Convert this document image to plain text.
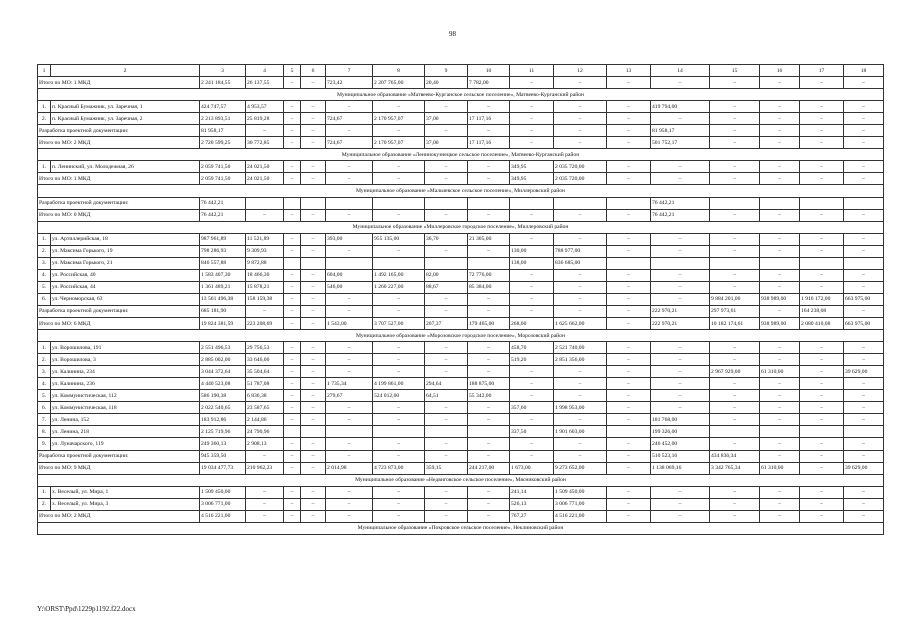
98
1	2	3	4	5	6	7	8	9	10	11	12	13	14	15	16	17	18
Итого по МО: 1 МКД		2 241 184,55	26 137,55	–	–	723,42	2 207 765,00	20,40	7 782,00	–	–	–	–	–	–	–	–
Муниципальное образование «Матвеево-Курганское сельское поселение», Матвеево-Курганский район																	
1.	п. Красный Бумажник, ул. Заречная, 1	424 747,57	4 953,57	–	–	–	–	–	–	–	–	–	419 794,00	–	–	–	–
2.	п. Красный Бумажник, ул. Заречная, 2	2 213 893,51	25 819,28	–	–	724,67	2 170 957,07	37,00	17 117,16	–	–	–	–	–	–	–	–
Разработка проектной документации:		81 958,17	–	–	–	–	–	–	–	–	–	–	81 958,17	–	–	–	–
Итого по МО: 2 МКД		2 720 599,25	30 772,85	–	–	724,67	2 170 957,07	37,00	17 117,16	–	–	–	501 752,17	–	–	–	–
Муниципальное образование «Ленинокузнецкое сельское поселение», Матвеево-Курганский район																	
1.	п. Ленинский, ул. Молодежная, 26	2 059 741,50	24 021,50	–	–	–	–	–	–	349,95	2 035 720,00	–	–	–	–	–	–
Итого по МО: 1 МКД		2 059 741,50	24 021,50	–	–	–	–	–	–	349,95	2 035 720,00	–	–	–	–	–	–
Муниципальное образование «Мальчевское сельское поселение», Миллеровский район																	
Разработка проектной документации:		76 442,21											76 442,21				
Итого по МО: 0 МКД		76 442,21	–	–	–	–	–	–	–	–	–	–	76 442,21	–	–	–	–
Муниципальное образование «Миллеровское городское поселение», Миллеровский район																	
1.	ул. Артиллерийская, 18	987 961,89	11 521,89	–	–	393,00	955 135,00	36,70	21 305,00	–	–	–	–	–	–	–	–
2.	ул. Максима Горького, 19	798 286,93	9 309,93	–	–	–	–	–	–	130,00	788 977,00	–	–	–	–	–	–
3.	ул. Максима Горького, 21	846 557,88	9 872,88							138,00	836 685,00						
4.	ул. Российская, 40	1 583 407,30	18 466,30	–	–	604,00	1 492 165,00	82,00	72 776,00	–	–	–	–	–	–	–	–
5.	ул. Российская, 44	1 361 489,21	15 878,21	–	–	546,00	1 260 227,00	88,67	85 384,00	–	–	–	–	–	–	–	–
6.	ул. Черноморская, 63	13 561 496,38	158 159,38	–	–	–	–	–	–	–	–	–	–	9 884 201,00	938 989,00	1 916 172,00	663 975,00
Разработка проектной документации:		685 181,90	–	–	–	–	–	–	–	–	–	–	222 970,21	297 973,61	–	164 238,08	–
Итого по МО: 6 МКД		19 824 381,59	223 208,69	–	–	1 543,00	3 707 527,00	207,37	179 465,00	268,00	1 625 662,00	–	222 970,21	10 182 174,61	938 989,00	2 080 410,08	663 975,00
Муниципальное образование «Морозовское городское поселение», Морозовский район																	
1.	ул. Ворошилова, 191	2 551 496,53	29 756,53	–	–	–	–	–	–	458,70	2 521 740,00	–	–	–	–	–	–
2.	ул. Ворошилова, 3	2 885 002,00	33 646,00	–	–	–	–	–	–	519,20	2 851 356,00	–	–	–	–	–	–
3.	ул. Калинина, 234	3 044 372,64	35 504,64	–	–	–	–	–	–	–	–	–	–	2 967 929,00	61 310,00	–	39 629,00
4.	ул. Калинина, 236	4 440 523,08	51 787,08	–	–	1 735,34	4 199 861,00	294,64	188 875,00	–	–	–	–	–	–	–	–
5.	ул. Коммунистическая, 112	586 190,38	6 836,38	–	–	279,67	524 012,00	64,51	55 342,00	–	–	–	–	–	–	–	–
6.	ул. Коммунистическая, 118	2 022 540,65	23 587,65	–	–	–	–	–	–	357,60	1 998 953,00	–	–	–	–	–	–
7.	ул. Ленина, 152	183 912,86	2 144,86	–	–	–	–	–	–	–	–	–	181 768,00	–	–	–	–
8.	ул. Ленина, 218	2 125 719,96	24 790,96							337,50	1 901 603,00		199 326,00				
9.	ул. Луначарского, 119	249 360,13	2 908,13	–	–	–	–	–	–	–	–	–	246 452,00	–	–	–	–
Разработка проектной документации:		945 359,50	–	–	–	–	–	–	–	–	–	–	510 523,16	434 836,34	–	–	–
Итого по МО: 9 МКД		19 034 477,73	210 962,23	–	–	2 014,98	4 723 873,00	359,15	244 217,00	1 673,00	9 273 652,00	–	1 138 069,16	3 342 765,34	61 310,00	–	39 629,00
Муниципальное образование «Недвиговское сельское поселение», Мясниковский район																	
1.	х. Веселый, ул. Мира, 1	1 509 450,00	–	–	–	–	–	–	–	241,14	1 509 450,00	–	–	–	–	–	–
2.	х. Веселый, ул. Мира, 3	3 006 771,00	–	–	–	–	–	–	–	526,13	3 006 771,00	–	–	–	–	–	–
Итого по МО: 2 МКД		4 516 221,00	–	–	–	–	–	–	–	767,27	4 516 221,00	–	–	–	–	–	–
Муниципальное образование «Покровское сельское поселение», Неклиновский район																	
Y:\ORST\Ppd\1229p1192.f22.docx
